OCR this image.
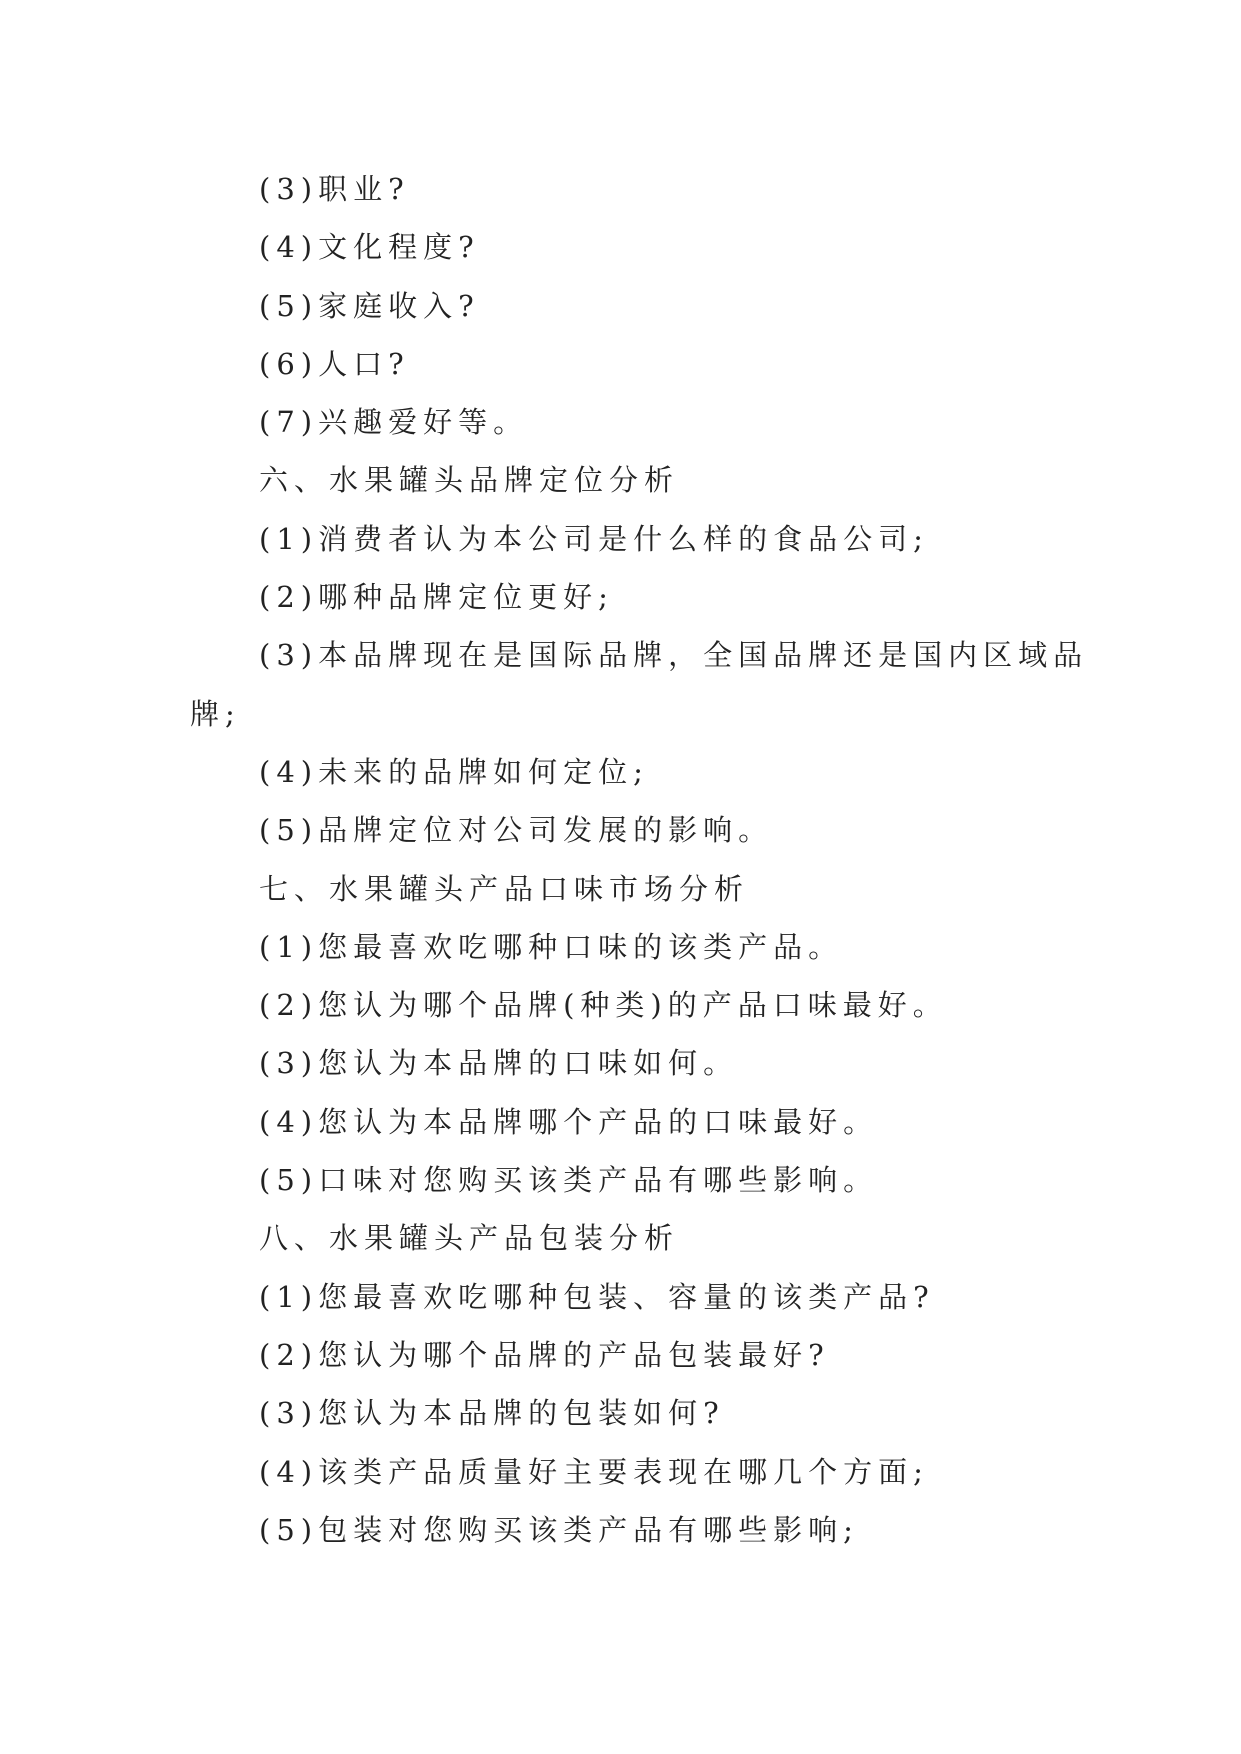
(3)职业?
(4)文化程度?
(5)家庭收入?
(6)人口?
(7)兴趣爱好等。
六、水果罐头品牌定位分析
(1)消费者认为本公司是什么样的食品公司;
(2)哪种品牌定位更好;
(3)本品牌现在是国际品牌，全国品牌还是国内区域品
牌;
(4)未来的品牌如何定位;
(5)品牌定位对公司发展的影响。
七、水果罐头产品口味市场分析
(1)您最喜欢吃哪种口味的该类产品。
(2)您认为哪个品牌(种类)的产品口味最好。
(3)您认为本品牌的口味如何。
(4)您认为本品牌哪个产品的口味最好。
(5)口味对您购买该类产品有哪些影响。
八、水果罐头产品包装分析
(1)您最喜欢吃哪种包装、容量的该类产品?
(2)您认为哪个品牌的产品包装最好?
(3)您认为本品牌的包装如何?
(4)该类产品质量好主要表现在哪几个方面;
(5)包装对您购买该类产品有哪些影响;
